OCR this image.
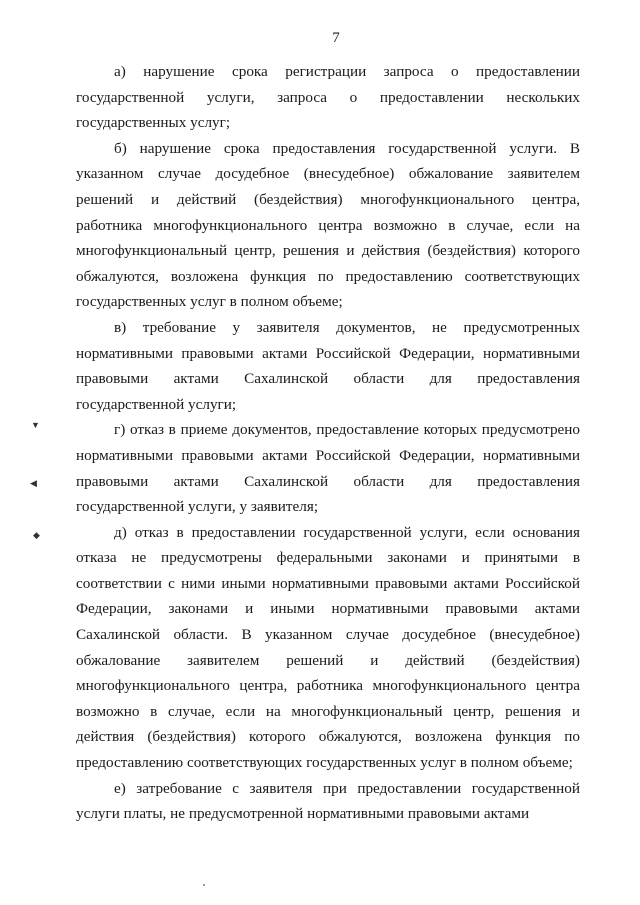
7

а) нарушение срока регистрации запроса о предоставлении государственной услуги, запроса о предоставлении нескольких государственных услуг;

б) нарушение срока предоставления государственной услуги. В указанном случае досудебное (внесудебное) обжалование заявителем решений и действий (бездействия) многофункционального центра, работника многофункционального центра возможно в случае, если на многофункциональный центр, решения и действия (бездействия) которого обжалуются, возложена функция по предоставлению соответствующих государственных услуг в полном объеме;

в) требование у заявителя документов, не предусмотренных нормативными правовыми актами Российской Федерации, нормативными правовыми актами Сахалинской области для предоставления государственной услуги;

г) отказ в приеме документов, предоставление которых предусмотрено нормативными правовыми актами Российской Федерации, нормативными правовыми актами Сахалинской области для предоставления государственной услуги, у заявителя;

д) отказ в предоставлении государственной услуги, если основания отказа не предусмотрены федеральными законами и принятыми в соответствии с ними иными нормативными правовыми актами Российской Федерации, законами и иными нормативными правовыми актами Сахалинской области. В указанном случае досудебное (внесудебное) обжалование заявителем решений и действий (бездействия) многофункционального центра, работника многофункционального центра возможно в случае, если на многофункциональный центр, решения и действия (бездействия) которого обжалуются, возложена функция по предоставлению соответствующих государственных услуг в полном объеме;

е) затребование с заявителя при предоставлении государственной услуги платы, не предусмотренной нормативными правовыми актами

▼
◀
◆
